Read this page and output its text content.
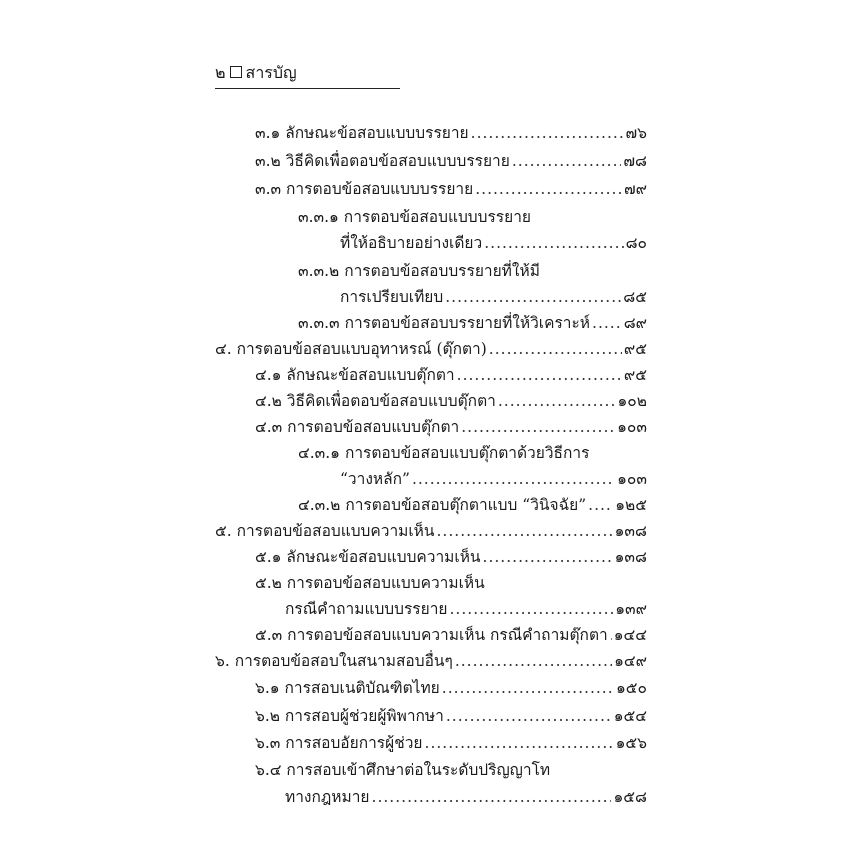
๒ สารบัญ
๓.๑ ลักษณะข้อสอบแบบบรรยาย .....	๗๖
๓.๒ วิธีคิดเพื่อตอบข้อสอบแบบบรรยาย .....	๗๘
๓.๓ การตอบข้อสอบแบบบรรยาย .....	๗๙
๓.๓.๑ การตอบข้อสอบแบบบรรยาย
ที่ให้อธิบายอย่างเดียว .....	๘๐
๓.๓.๒ การตอบข้อสอบบรรยายที่ให้มี
การเปรียบเทียบ .....	๘๕
๓.๓.๓ การตอบข้อสอบบรรยายที่ให้วิเคราะห์ ..... ๘๙
๔. การตอบข้อสอบแบบอุทาหรณ์ (ตุ๊กตา) .....	๙๕
๔.๑ ลักษณะข้อสอบแบบตุ๊กตา .....	๙๕
๔.๒ วิธีคิดเพื่อตอบข้อสอบแบบตุ๊กตา .....	๑๐๒
๔.๓ การตอบข้อสอบแบบตุ๊กตา .....	๑๐๓
๔.๓.๑ การตอบข้อสอบแบบตุ๊กตาด้วยวิธีการ
“วางหลัก” .....	๑๐๓
๔.๓.๒ การตอบข้อสอบตุ๊กตาแบบ “วินิจฉัย” ..... ๑๒๕
๕. การตอบข้อสอบแบบความเห็น .....	๑๓๘
๕.๑ ลักษณะข้อสอบแบบความเห็น .....	๑๓๘
๕.๒ การตอบข้อสอบแบบความเห็น
กรณีคำถามแบบบรรยาย .....	๑๓๙
๕.๓ การตอบข้อสอบแบบความเห็น กรณีคำถามตุ๊กตา ..... ๑๔๔
๖. การตอบข้อสอบในสนามสอบอื่นๆ .....	๑๔๙
๖.๑ การสอบเนติบัณฑิตไทย .....	๑๕๐
๖.๒ การสอบผู้ช่วยผู้พิพากษา .....	๑๕๔
๖.๓ การสอบอัยการผู้ช่วย .....	๑๕๖
๖.๔ การสอบเข้าศึกษาต่อในระดับปริญญาโท
ทางกฎหมาย .....	๑๕๘
